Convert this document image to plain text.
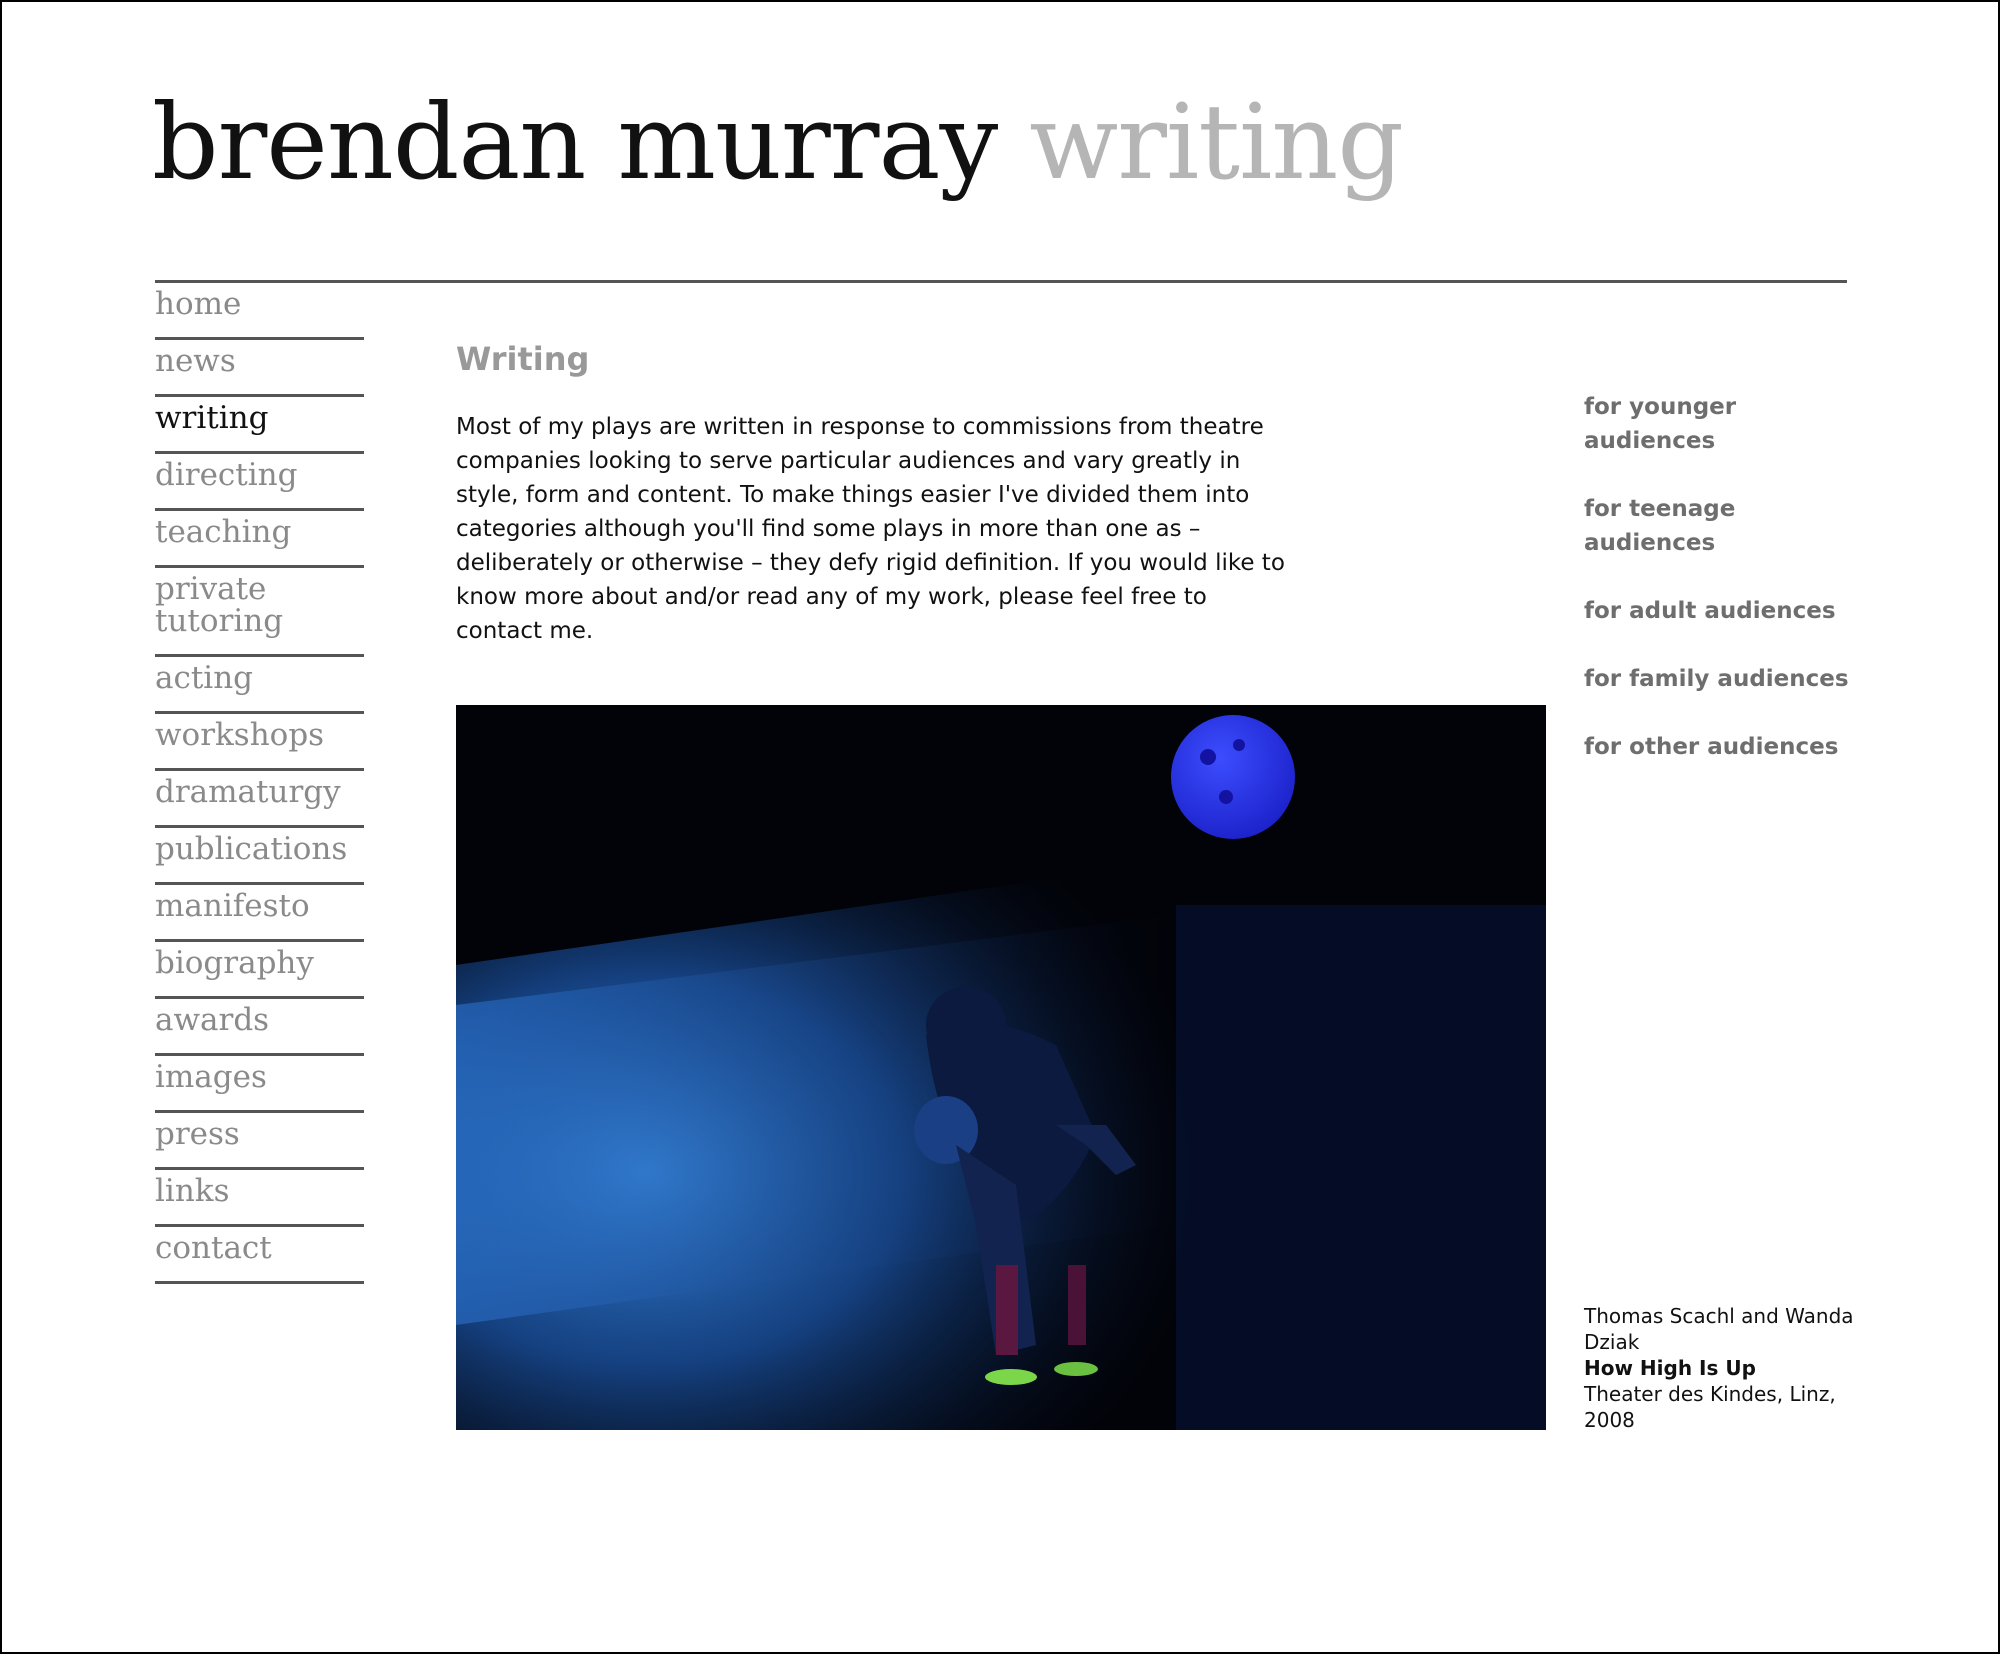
brendan murray writing
home
news
writing
directing
teaching
private
tutoring
acting
workshops
dramaturgy
publications
manifesto
biography
awards
images
press
links
contact
Writing

Most of my plays are written in response to commissions from theatre companies looking to serve particular audiences and vary greatly in style, form and content. To make things easier I've divided them into categories although you'll find some plays in more than one as – deliberately or otherwise – they defy rigid definition. If you would like to know more about and/or read any of my work, please feel free to contact me.

for younger audiences
for teenage audiences
for adult audiences
for family audiences
for other audiences
Thomas Scachl and Wanda Dziak
How High Is Up
Theater des Kindes, Linz, 2008
